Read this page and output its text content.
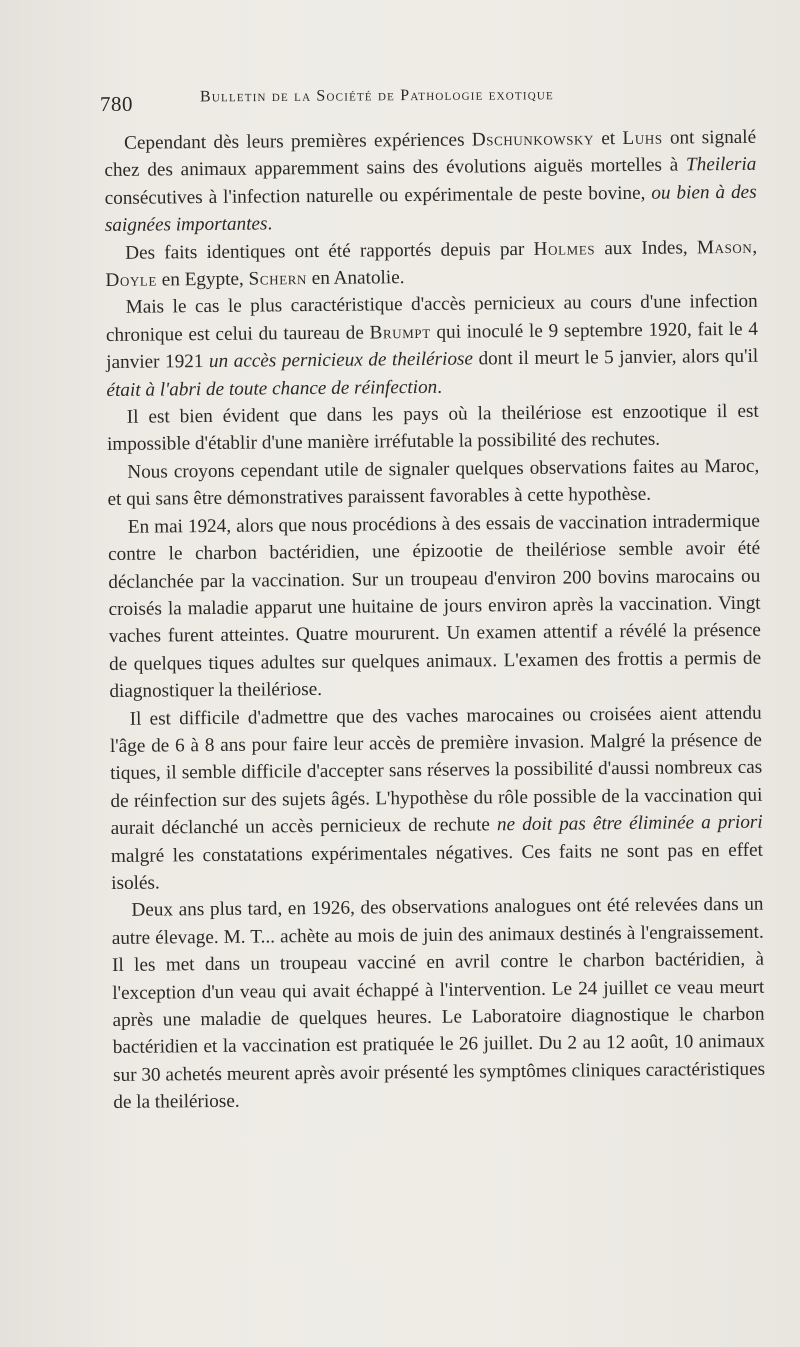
780	Bulletin de la Société de Pathologie exotique

Cependant dès leurs premières expériences Dschunkowsky et Luhs ont signalé chez des animaux apparemment sains des évolutions aiguës mortelles à Theileria consécutives à l'infection naturelle ou expérimentale de peste bovine, ou bien à des saignées importantes.

Des faits identiques ont été rapportés depuis par Holmes aux Indes, Mason, Doyle en Egypte, Schern en Anatolie.

Mais le cas le plus caractéristique d'accès pernicieux au cours d'une infection chronique est celui du taureau de Brumpt qui inoculé le 9 septembre 1920, fait le 4 janvier 1921 un accès pernicieux de theilériose dont il meurt le 5 janvier, alors qu'il était à l'abri de toute chance de réinfection.

Il est bien évident que dans les pays où la theilériose est enzootique il est impossible d'établir d'une manière irréfutable la possibilité des rechutes.

Nous croyons cependant utile de signaler quelques observations faites au Maroc, et qui sans être démonstratives paraissent favorables à cette hypothèse.

En mai 1924, alors que nous procédions à des essais de vaccination intradermique contre le charbon bactéridien, une épizootie de theilériose semble avoir été déclanchée par la vaccination. Sur un troupeau d'environ 200 bovins marocains ou croisés la maladie apparut une huitaine de jours environ après la vaccination. Vingt vaches furent atteintes. Quatre moururent. Un examen attentif a révélé la présence de quelques tiques adultes sur quelques animaux. L'examen des frottis a permis de diagnostiquer la theilériose.

Il est difficile d'admettre que des vaches marocaines ou croisées aient attendu l'âge de 6 à 8 ans pour faire leur accès de première invasion. Malgré la présence de tiques, il semble difficile d'accepter sans réserves la possibilité d'aussi nombreux cas de réinfection sur des sujets âgés. L'hypothèse du rôle possible de la vaccination qui aurait déclanché un accès pernicieux de rechute ne doit pas être éliminée a priori malgré les constatations expérimentales négatives. Ces faits ne sont pas en effet isolés.

Deux ans plus tard, en 1926, des observations analogues ont été relevées dans un autre élevage. M. T... achète au mois de juin des animaux destinés à l'engraissement. Il les met dans un troupeau vacciné en avril contre le charbon bactéridien, à l'exception d'un veau qui avait échappé à l'intervention. Le 24 juillet ce veau meurt après une maladie de quelques heures. Le Laboratoire diagnostique le charbon bactéridien et la vaccination est pratiquée le 26 juillet. Du 2 au 12 août, 10 animaux sur 30 achetés meurent après avoir présenté les symptômes cliniques caractéristiques de la theilériose.
